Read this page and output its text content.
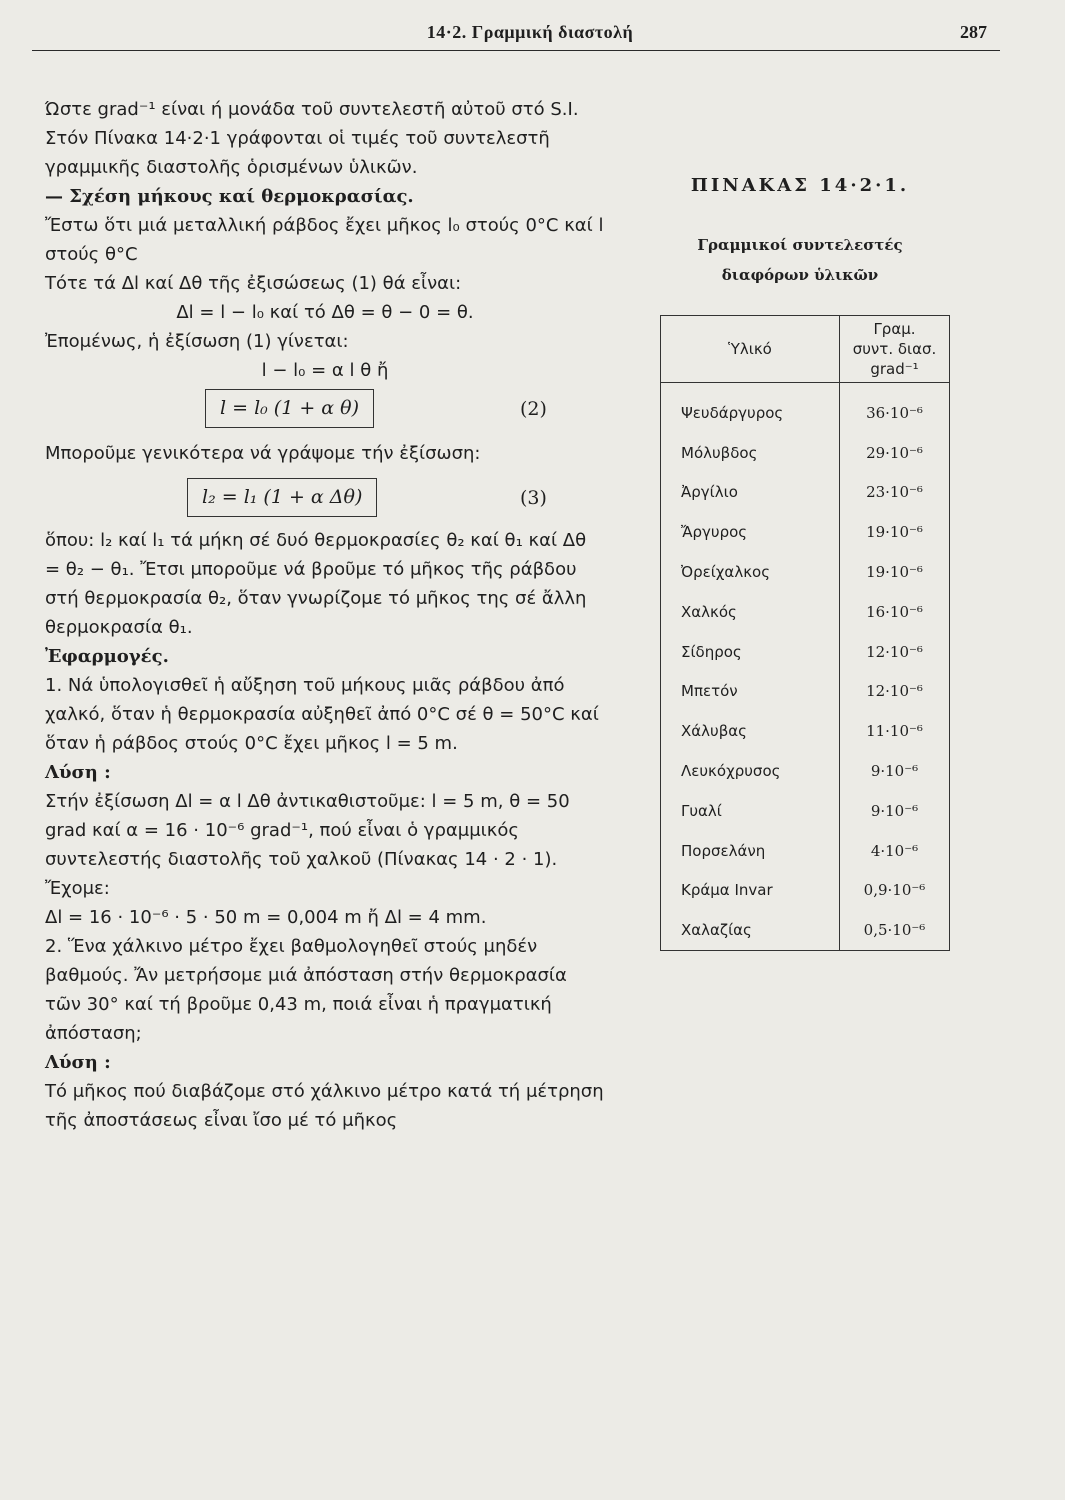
14·2. Γραμμική διαστολή	287

Ώστε grad⁻¹ είναι ή μονάδα τοῦ συντελεστῆ αὐτοῦ στό S.I.

Στόν Πίνακα 14·2·1 γράφονται οἱ τιμές τοῦ συντελεστῆ γραμμικῆς διαστολῆς ὁρισμένων ὑλικῶν.

— Σχέση μήκους καί θερμοκρασίας.

Ἔστω ὅτι μιά μεταλλική ράβδος ἔχει μῆκος l₀ στούς 0°C καί l στούς θ°C

Τότε τά Δl καί Δθ τῆς ἐξισώσεως (1) θά εἶναι:

Δl = l − l₀ καί τό Δθ = θ − 0 = θ.

Ἐπομένως, ἡ ἐξίσωση (1) γίνεται:

l − l₀ = α l θ ἤ

l = l₀ (1 + α θ)	(2)

Μποροῦμε γενικότερα νά γράψομε τήν ἐξίσωση:

l₂ = l₁ (1 + α Δθ)	(3)

ὅπου: l₂ καί l₁ τά μήκη σέ δυό θερμοκρασίες θ₂ καί θ₁ καί Δθ = θ₂ − θ₁. Ἔτσι μποροῦμε νά βροῦμε τό μῆκος τῆς ράβδου στή θερμοκρασία θ₂, ὅταν γνωρίζομε τό μῆκος της σέ ἄλλη θερμοκρασία θ₁.

Ἐφαρμογές.

1. Νά ὑπολογισθεῖ ἡ αὔξηση τοῦ μήκους μιᾶς ράβδου ἀπό χαλκό, ὅταν ἡ θερμοκρασία αὐξηθεῖ ἀπό 0°C σέ θ = 50°C καί ὅταν ἡ ράβδος στούς 0°C ἔχει μῆκος l = 5 m.

Λύση :

Στήν ἐξίσωση Δl = α l Δθ ἀντικαθιστοῦμε: l = 5 m, θ = 50 grad καί α = 16 · 10⁻⁶ grad⁻¹, πού εἶναι ὁ γραμμικός συντελεστής διαστολῆς τοῦ χαλκοῦ (Πίνακας 14 · 2 · 1).

Ἔχομε:

Δl = 16 · 10⁻⁶ · 5 · 50 m = 0,004 m ἤ Δl = 4 mm.

2. Ἕνα χάλκινο μέτρο ἔχει βαθμολογηθεῖ στούς μηδέν βαθμούς. Ἄν μετρήσομε μιά ἀπόσταση στήν θερμοκρασία τῶν 30° καί τή βροῦμε 0,43 m, ποιά εἶναι ἡ πραγματική ἀπόσταση;

Λύση :

Τό μῆκος πού διαβάζομε στό χάλκινο μέτρο κατά τή μέτρηση τῆς ἀποστάσεως εἶναι ἴσο μέ τό μῆκος

ΠΙΝΑΚΑΣ 14·2·1.
Γραμμικοί συντελεστές
διαφόρων ὑλικῶν
Ὑλικό	Γραμ.
συντ. διασ.
grad⁻¹

Ψευδάργυρος	36·10⁻⁶
Μόλυβδος	29·10⁻⁶
Ἀργίλιο	23·10⁻⁶
Ἄργυρος	19·10⁻⁶
Ὀρείχαλκος	19·10⁻⁶
Χαλκός	16·10⁻⁶
Σίδηρος	12·10⁻⁶
Μπετόν	12·10⁻⁶
Χάλυβας	11·10⁻⁶
Λευκόχρυσος	9·10⁻⁶
Γυαλί	9·10⁻⁶
Πορσελάνη	4·10⁻⁶
Κράμα Invar	0,9·10⁻⁶
Χαλαζίας	0,5·10⁻⁶
